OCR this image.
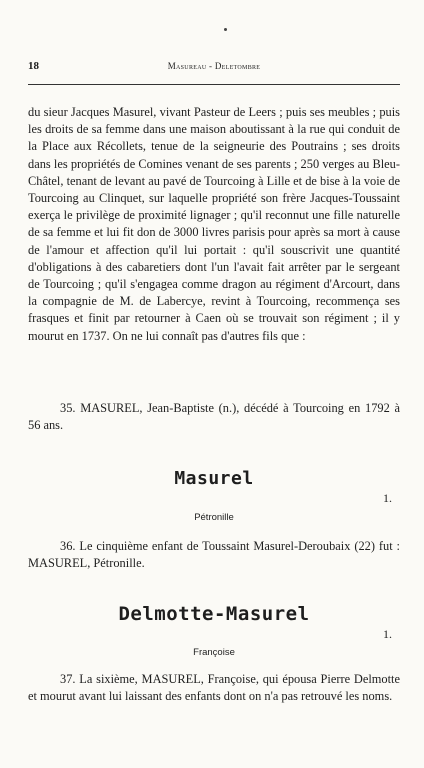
18	Masureau - Deletombre

du sieur Jacques Masurel, vivant Pasteur de Leers ; puis ses meubles ; puis les droits de sa femme dans une maison aboutissant à la rue qui conduit de la Place aux Récollets, tenue de la seigneurie des Poutrains ; ses droits dans les propriétés de Comines venant de ses parents ; 250 verges au Bleu-Châtel, tenant de levant au pavé de Tourcoing à Lille et de bise à la voie de Tourcoing au Clinquet, sur laquelle propriété son frère Jacques-Toussaint exerça le privilège de proximité lignager ; qu'il reconnut une fille naturelle de sa femme et lui fit don de 3000 livres parisis pour après sa mort à cause de l'amour et affection qu'il lui portait : qu'il souscrivit une quantité d'obligations à des cabaretiers dont l'un l'avait fait arrêter par le sergeant de Tourcoing ; qu'il s'engagea comme dragon au régiment d'Arcourt, dans la compagnie de M. de Labercye, revint à Tourcoing, recommença ses frasques et finit par retourner à Caen où se trouvait son régiment ; il y mourut en 1737. On ne lui connaît pas d'autres fils que :

35. MASUREL, Jean-Baptiste (n.), décédé à Tourcoing en 1792 à 56 ans.

Masurel
1.
Pétronille

36. Le cinquième enfant de Toussaint Masurel-Deroubaix (22) fut : MASUREL, Pétronille.

Delmotte-Masurel
1.
Françoise

37. La sixième, MASUREL, Françoise, qui épousa Pierre Delmotte et mourut avant lui laissant des enfants dont on n'a pas retrouvé les noms.
